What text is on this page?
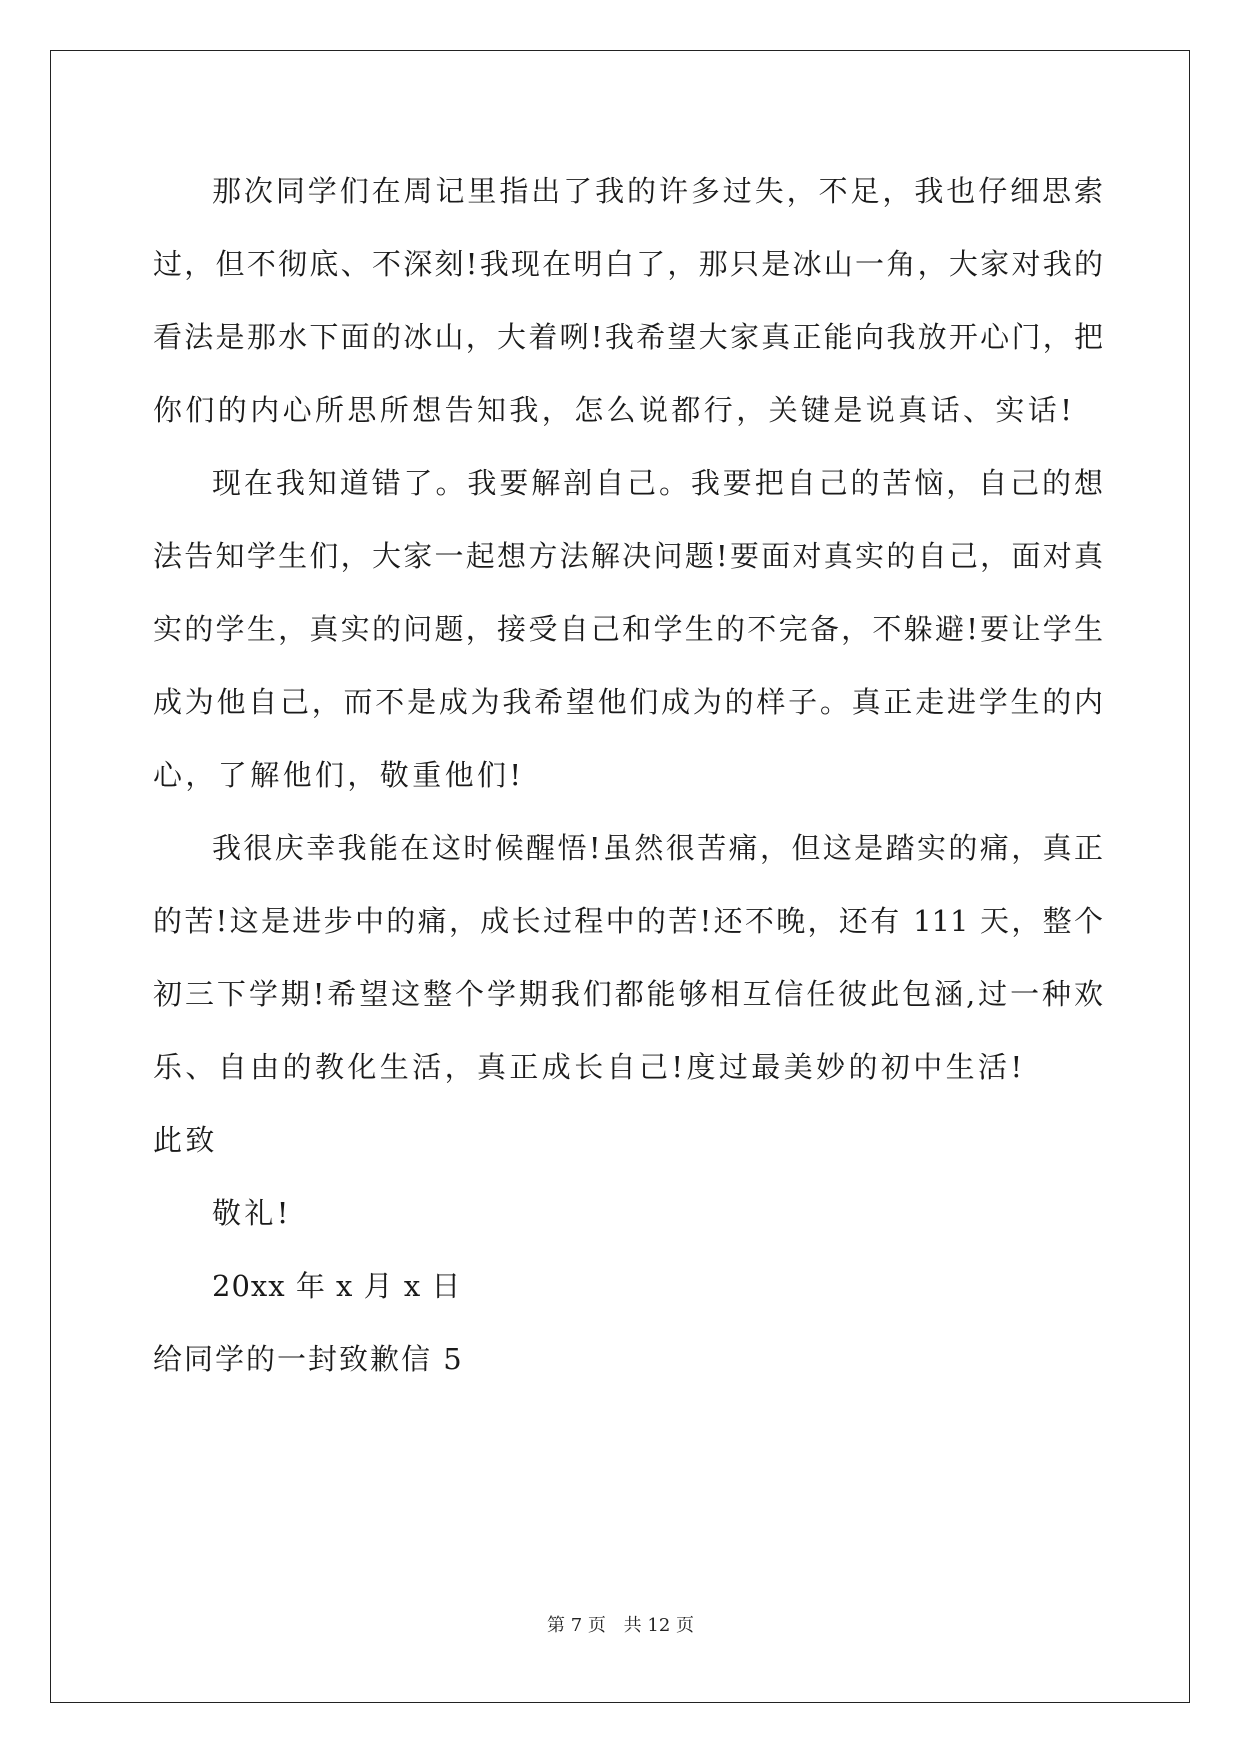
那次同学们在周记里指出了我的许多过失，不足，我也仔细思索
过，但不彻底、不深刻!我现在明白了，那只是冰山一角，大家对我的
看法是那水下面的冰山，大着咧!我希望大家真正能向我放开心门，把
你们的内心所思所想告知我，怎么说都行，关键是说真话、实话!
现在我知道错了。我要解剖自己。我要把自己的苦恼，自己的想
法告知学生们，大家一起想方法解决问题!要面对真实的自己，面对真
实的学生，真实的问题，接受自己和学生的不完备，不躲避!要让学生
成为他自己，而不是成为我希望他们成为的样子。真正走进学生的内
心，了解他们，敬重他们!
我很庆幸我能在这时候醒悟!虽然很苦痛，但这是踏实的痛，真正
的苦!这是进步中的痛，成长过程中的苦!还不晚，还有 111 天，整个
初三下学期!希望这整个学期我们都能够相互信任彼此包涵,过一种欢
乐、自由的教化生活，真正成长自己!度过最美妙的初中生活!
此致
敬礼!
20xx 年 x 月 x 日
给同学的一封致歉信 5
第 7 页 共 12 页
